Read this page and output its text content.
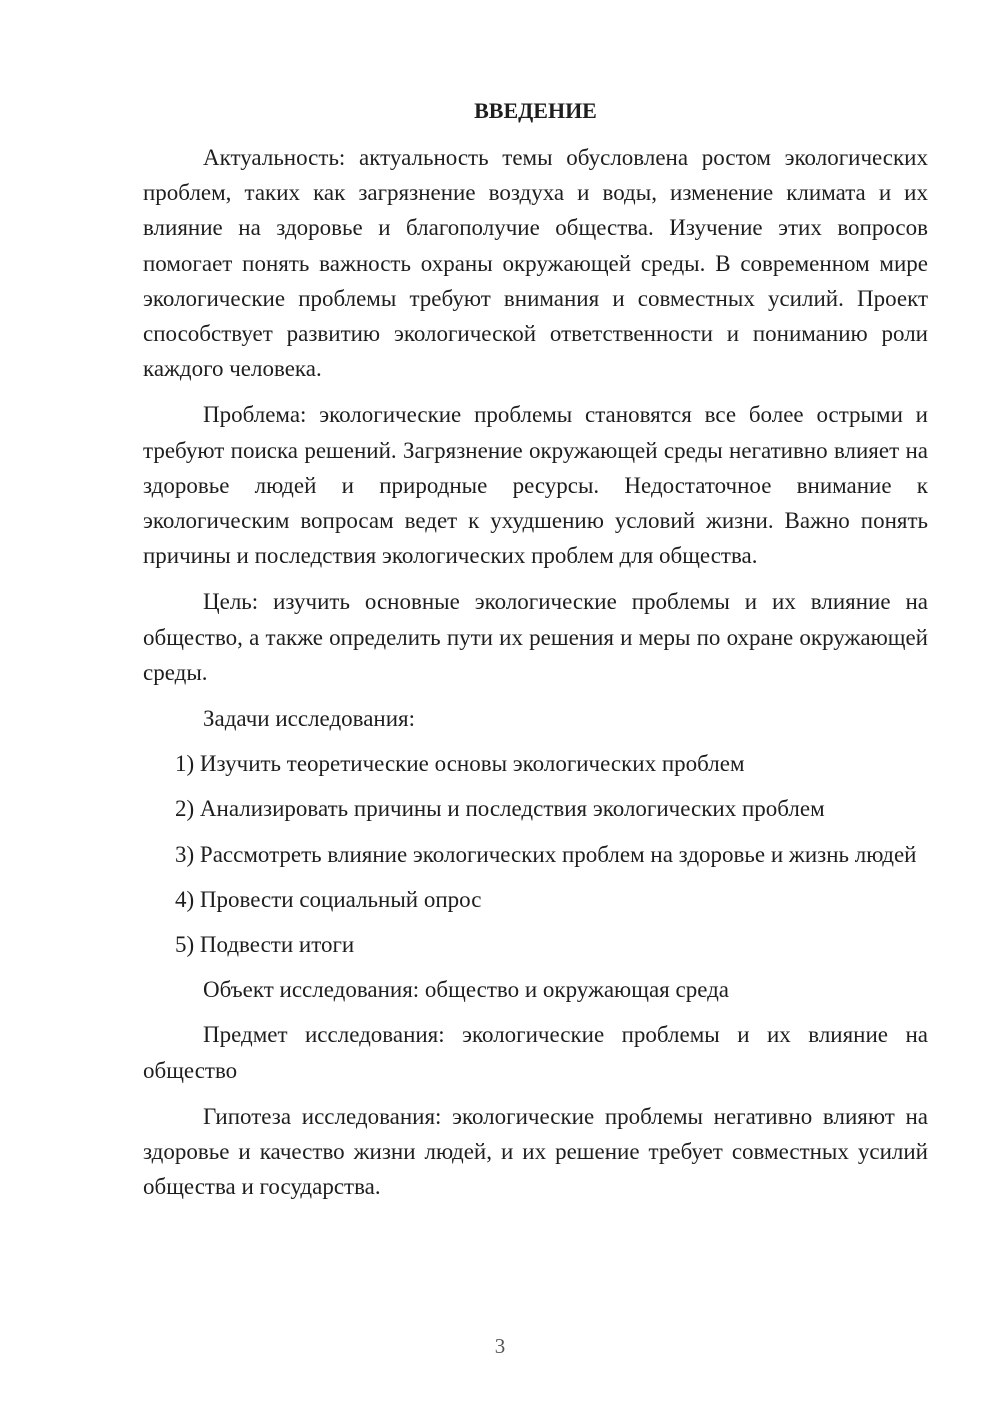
ВВЕДЕНИЕ

Актуальность: актуальность темы обусловлена ростом экологических проблем, таких как загрязнение воздуха и воды, изменение климата и их влияние на здоровье и благополучие общества. Изучение этих вопросов помогает понять важность охраны окружающей среды. В современном мире экологические проблемы требуют внимания и совместных усилий. Проект способствует развитию экологической ответственности и пониманию роли каждого человека.

Проблема: экологические проблемы становятся все более острыми и требуют поиска решений. Загрязнение окружающей среды негативно влияет на здоровье людей и природные ресурсы. Недостаточное внимание к экологическим вопросам ведет к ухудшению условий жизни. Важно понять причины и последствия экологических проблем для общества.

Цель: изучить основные экологические проблемы и их влияние на общество, а также определить пути их решения и меры по охране окружающей среды.

Задачи исследования:

1) Изучить теоретические основы экологических проблем

2) Анализировать причины и последствия экологических проблем

3) Рассмотреть влияние экологических проблем на здоровье и жизнь людей

4) Провести социальный опрос

5) Подвести итоги

Объект исследования: общество и окружающая среда

Предмет исследования: экологические проблемы и их влияние на общество

Гипотеза исследования: экологические проблемы негативно влияют на здоровье и качество жизни людей, и их решение требует совместных усилий общества и государства.

3
